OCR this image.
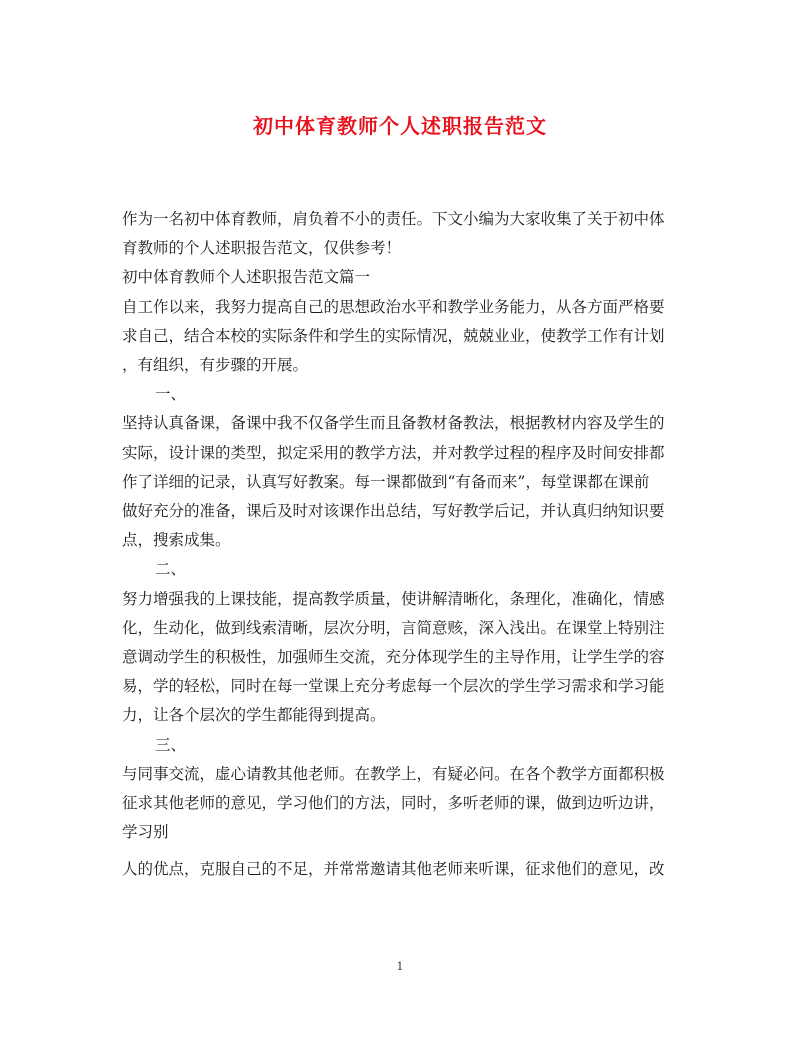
初中体育教师个人述职报告范文
作为一名初中体育教师，肩负着不小的责任。下文小编为大家收集了关于初中体
育教师的个人述职报告范文，仅供参考！
初中体育教师个人述职报告范文篇一
自工作以来，我努力提高自己的思想政治水平和教学业务能力，从各方面严格要
求自己，结合本校的实际条件和学生的实际情况，兢兢业业，使教学工作有计划
，有组织，有步骤的开展。
一、
坚持认真备课，备课中我不仅备学生而且备教材备教法，根据教材内容及学生的
实际，设计课的类型，拟定采用的教学方法，并对教学过程的程序及时间安排都
作了详细的记录，认真写好教案。每一课都做到“有备而来”，每堂课都在课前
做好充分的准备，课后及时对该课作出总结，写好教学后记，并认真归纳知识要
点，搜索成集。
二、
努力增强我的上课技能，提高教学质量，使讲解清晰化，条理化，准确化，情感
化，生动化，做到线索清晰，层次分明，言简意赅，深入浅出。在课堂上特别注
意调动学生的积极性，加强师生交流，充分体现学生的主导作用，让学生学的容
易，学的轻松，同时在每一堂课上充分考虑每一个层次的学生学习需求和学习能
力，让各个层次的学生都能得到提高。
三、
与同事交流，虚心请教其他老师。在教学上，有疑必问。在各个教学方面都积极
征求其他老师的意见，学习他们的方法，同时，多听老师的课，做到边听边讲，
学习别
人的优点，克服自己的不足，并常常邀请其他老师来听课，征求他们的意见，改
1
